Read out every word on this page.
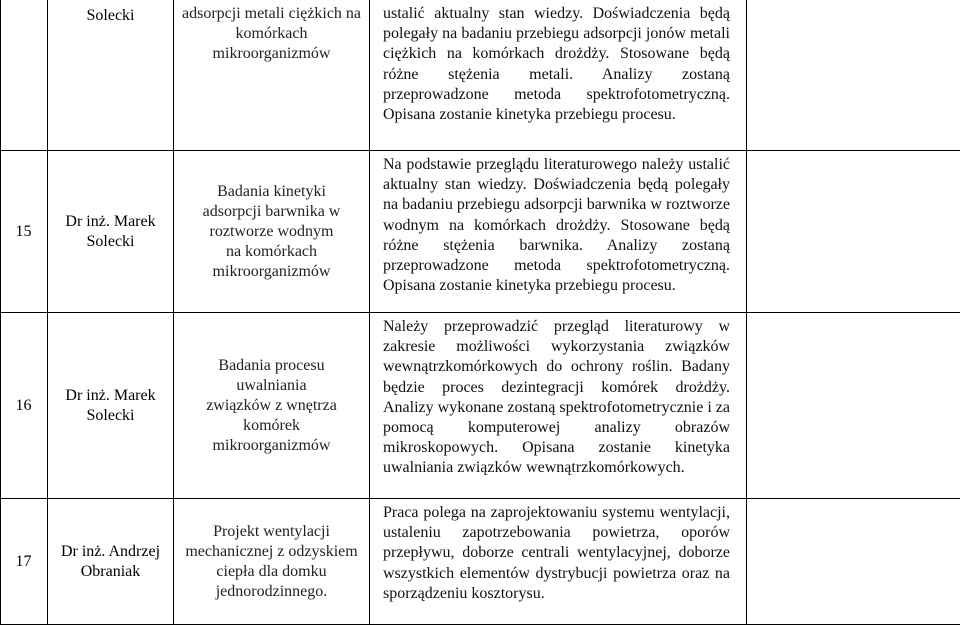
Solecki	adsorpcji metali ciężkich na komórkach mikroorganizmów
ustalić aktualny stan wiedzy. Doświadczenia będą polegały na badaniu przebiegu adsorpcji jonów metali ciężkich na komórkach drożdży. Stosowane będą różne stężenia metali. Analizy zostaną przeprowadzone metoda spektrofotometryczną. Opisana zostanie kinetyka przebiegu procesu.
15
Dr inż. Marek Solecki
Badania kinetyki adsorpcji barwnika w roztworze wodnym na komórkach mikroorganizmów
Na podstawie przeglądu literaturowego należy ustalić aktualny stan wiedzy. Doświadczenia będą polegały na badaniu przebiegu adsorpcji barwnika w roztworze wodnym na komórkach drożdży. Stosowane będą różne stężenia barwnika. Analizy zostaną przeprowadzone metoda spektrofotometryczną. Opisana zostanie kinetyka przebiegu procesu.
16
Dr inż. Marek Solecki
Badania procesu uwalniania związków z wnętrza komórek mikroorganizmów
Należy przeprowadzić przegląd literaturowy w zakresie możliwości wykorzystania związków wewnątrzkomórkowych do ochrony roślin. Badany będzie proces dezintegracji komórek drożdży. Analizy wykonane zostaną spektrofotometrycznie i za pomocą komputerowej analizy obrazów mikroskopowych. Opisana zostanie kinetyka uwalniania związków wewnątrzkomórkowych.
17
Dr inż. Andrzej Obraniak
Projekt wentylacji mechanicznej z odzyskiem ciepła dla domku jednorodzinnego.
Praca polega na zaprojektowaniu systemu wentylacji, ustaleniu zapotrzebowania powietrza, oporów przepływu, doborze centrali wentylacyjnej, doborze wszystkich elementów dystrybucji powietrza oraz na sporządzeniu kosztorysu.
